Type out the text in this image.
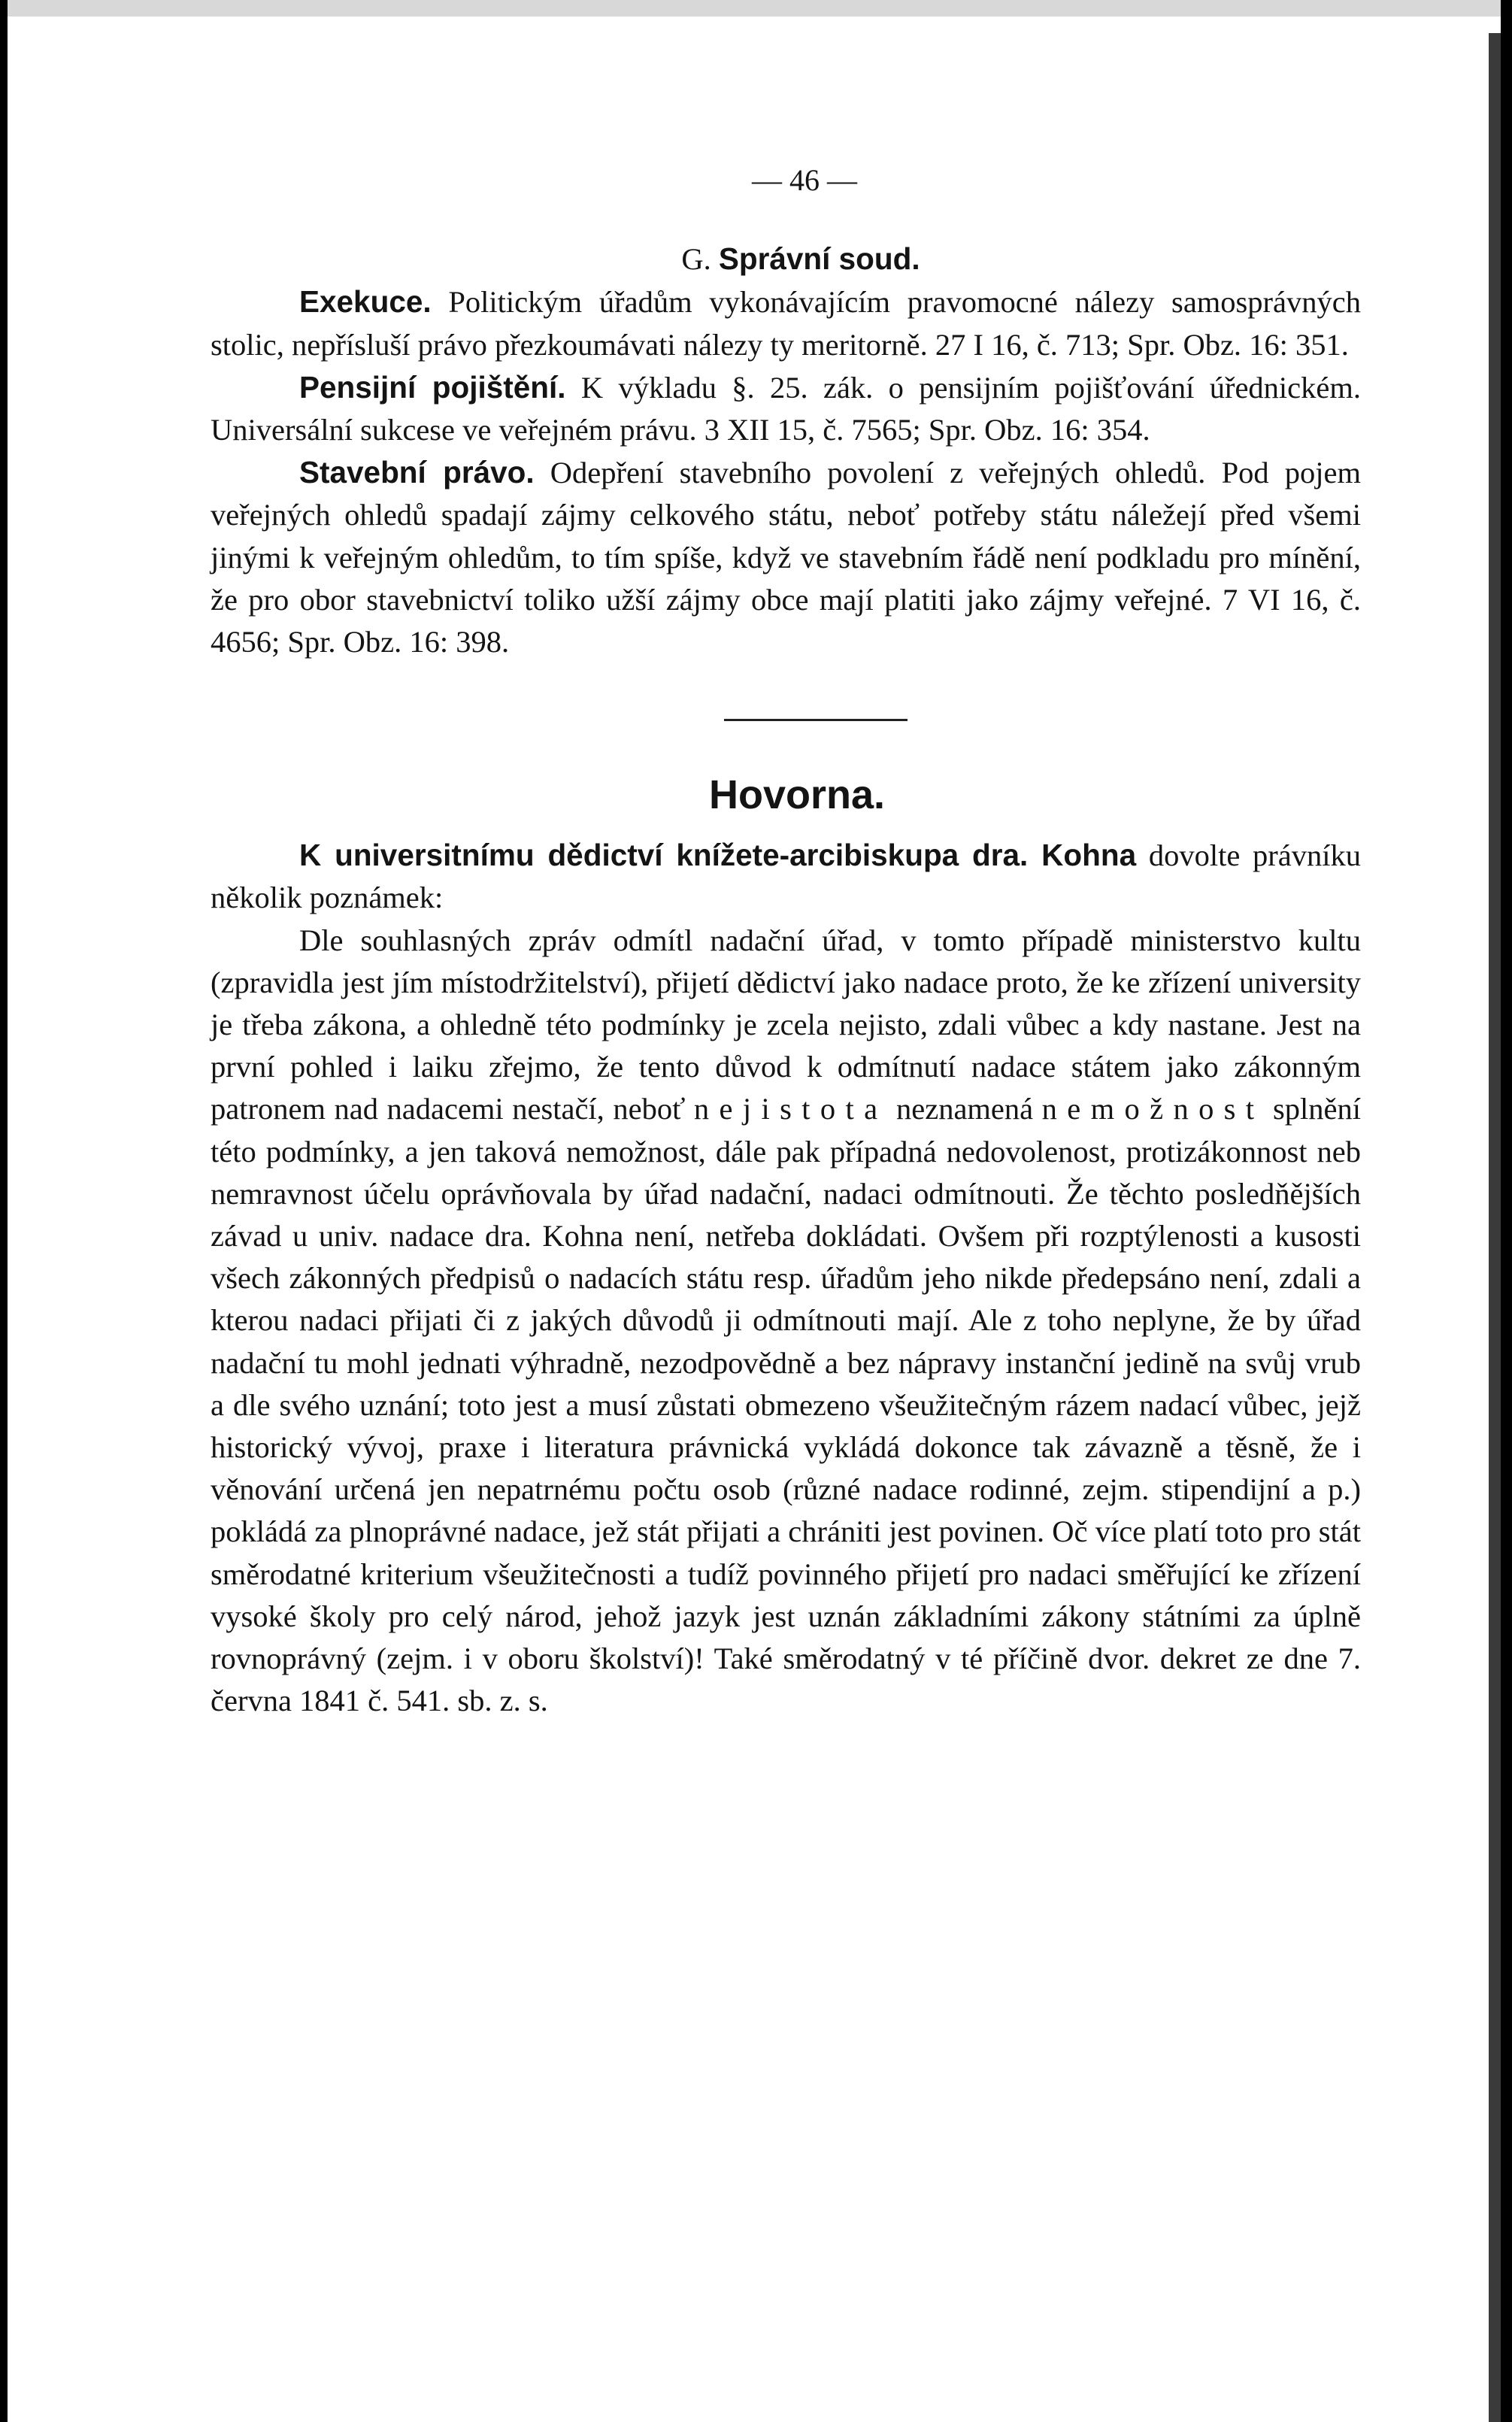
— 46 —
G. Správní soud.

Exekuce. Politickým úřadům vykonávajícím pravomocné nálezy samosprávných stolic, nepřísluší právo přezkoumávati nálezy ty meritorně. 27 I 16, č. 713; Spr. Obz. 16: 351.

Pensijní pojištění. K výkladu §. 25. zák. o pensijním pojišťování úřednickém. Universální sukcese ve veřejném právu. 3 XII 15, č. 7565; Spr. Obz. 16: 354.

Stavební právo. Odepření stavebního povolení z veřejných ohledů. Pod pojem veřejných ohledů spadají zájmy celkového státu, neboť potřeby státu náležejí před všemi jinými k veřejným ohledům, to tím spíše, když ve stavebním řádě není podkladu pro mínění, že pro obor stavebnictví toliko užší zájmy obce mají platiti jako zájmy veřejné. 7 VI 16, č. 4656; Spr. Obz. 16: 398.

Hovorna.

K universitnímu dědictví knížete-arcibiskupa dra. Kohna dovolte právníku několik poznámek:

Dle souhlasných zpráv odmítl nadační úřad, v tomto případě ministerstvo kultu (zpravidla jest jím místodržitelství), přijetí dědictví jako nadace proto, že ke zřízení university je třeba zákona, a ohledně této podmínky je zcela nejisto, zdali vůbec a kdy nastane. Jest na první pohled i laiku zřejmo, že tento důvod k odmítnutí nadace státem jako zákonným patronem nad nadacemi nestačí, neboť nejistota neznamená nemožnost splnění této podmínky, a jen taková nemožnost, dále pak případná nedovolenost, protizákonnost neb nemravnost účelu oprávňovala by úřad nadační, nadaci odmítnouti. Že těchto posledňějších závad u univ. nadace dra. Kohna není, netřeba dokládati. Ovšem při rozptýlenosti a kusosti všech zákonných předpisů o nadacích státu resp. úřadům jeho nikde předepsáno není, zdali a kterou nadaci přijati či z jakých důvodů ji odmítnouti mají. Ale z toho neplyne, že by úřad nadační tu mohl jednati výhradně, nezodpovědně a bez nápravy instanční jedině na svůj vrub a dle svého uznání; toto jest a musí zůstati obmezeno všeužitečným rázem nadací vůbec, jejž historický vývoj, praxe i literatura právnická vykládá dokonce tak závazně a těsně, že i věnování určená jen nepatrnému počtu osob (různé nadace rodinné, zejm. stipendijní a p.) pokládá za plnoprávné nadace, jež stát přijati a chrániti jest povinen. Oč více platí toto pro stát směrodatné kriterium všeužitečnosti a tudíž povinného přijetí pro nadaci směřující ke zřízení vysoké školy pro celý národ, jehož jazyk jest uznán základními zákony státními za úplně rovnoprávný (zejm. i v oboru školství)! Také směrodatný v té příčině dvor. dekret ze dne 7. června 1841 č. 541. sb. z. s.
